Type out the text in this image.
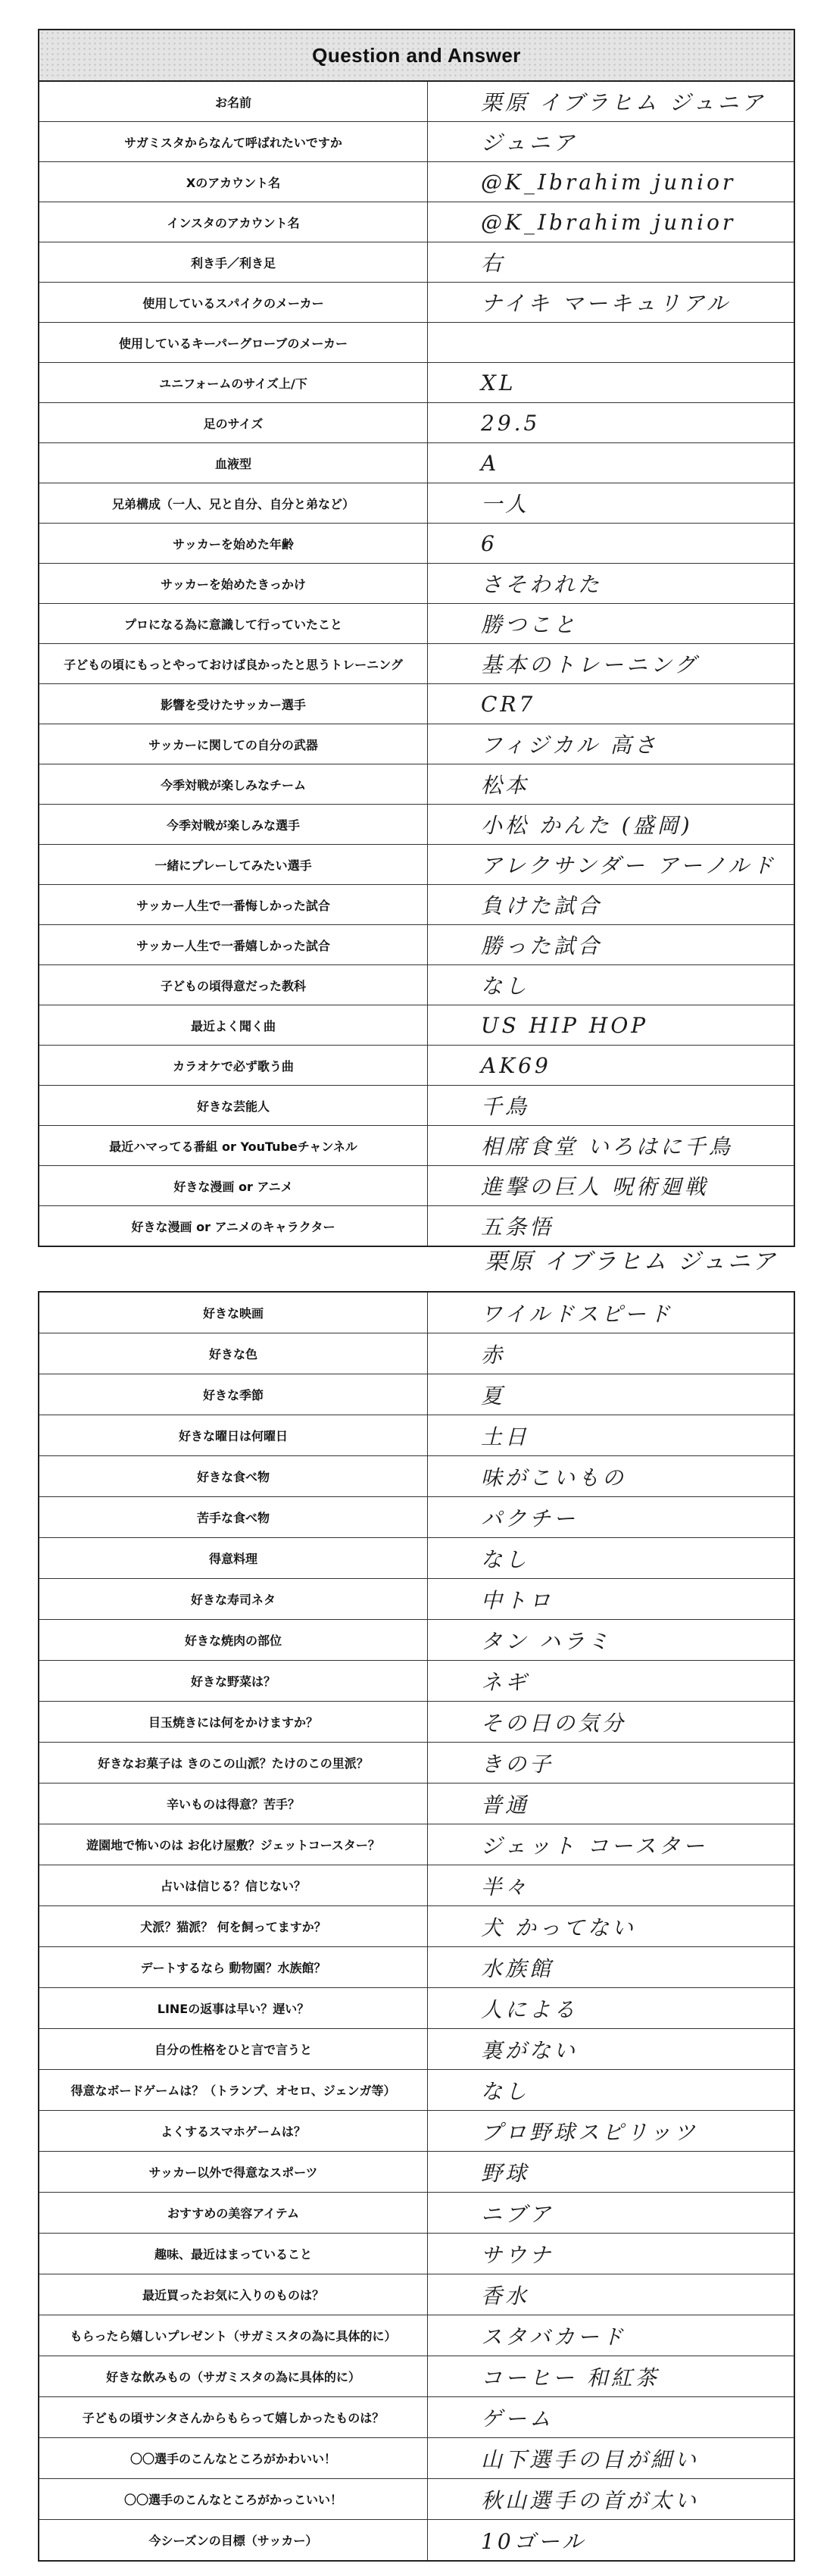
Question and Answer
お名前	栗原 イブラヒム ジュニア
サガミスタからなんて呼ばれたいですか	ジュニア
Xのアカウント名	@K_Ibrahim junior
インスタのアカウント名	@K_Ibrahim junior
利き手／利き足	右
使用しているスパイクのメーカー	ナイキ マーキュリアル
使用しているキーパーグローブのメーカー	
ユニフォームのサイズ上/下	XL
足のサイズ	29.5
血液型	A
兄弟構成（一人、兄と自分、自分と弟など）	一人
サッカーを始めた年齢	6
サッカーを始めたきっかけ	さそわれた
プロになる為に意識して行っていたこと	勝つこと
子どもの頃にもっとやっておけば良かったと思うトレーニング	基本のトレーニング
影響を受けたサッカー選手	CR7
サッカーに関しての自分の武器	フィジカル 高さ
今季対戦が楽しみなチーム	松本
今季対戦が楽しみな選手	小松 かんた (盛岡)
一緒にプレーしてみたい選手	アレクサンダー アーノルド
サッカー人生で一番悔しかった試合	負けた試合
サッカー人生で一番嬉しかった試合	勝った試合
子どもの頃得意だった教科	なし
最近よく聞く曲	US HIP HOP
カラオケで必ず歌う曲	AK69
好きな芸能人	千鳥
最近ハマってる番組 or YouTubeチャンネル	相席食堂 いろはに千鳥
好きな漫画 or アニメ	進撃の巨人 呪術廻戦
好きな漫画 or アニメのキャラクター	五条悟
栗原 イブラヒム ジュニア
好きな映画	ワイルドスピード
好きな色	赤
好きな季節	夏
好きな曜日は何曜日	土日
好きな食べ物	味がこいもの
苦手な食べ物	パクチー
得意料理	なし
好きな寿司ネタ	中トロ
好きな焼肉の部位	タン ハラミ
好きな野菜は？	ネギ
目玉焼きには何をかけますか？	その日の気分
好きなお菓子は きのこの山派？たけのこの里派？	きの子
辛いものは得意？苦手？	普通
遊園地で怖いのは お化け屋敷？ジェットコースター？	ジェット コースター
占いは信じる？信じない？	半々
犬派？猫派？ 何を飼ってますか？	犬 かってない
デートするなら 動物園？水族館？	水族館
LINEの返事は早い？遅い？	人による
自分の性格をひと言で言うと	裏がない
得意なボードゲームは？（トランプ、オセロ、ジェンガ等）	なし
よくするスマホゲームは？	プロ野球スピリッツ
サッカー以外で得意なスポーツ	野球
おすすめの美容アイテム	ニブア
趣味、最近はまっていること	サウナ
最近買ったお気に入りのものは？	香水
もらったら嬉しいプレゼント（サガミスタの為に具体的に）	スタバカード
好きな飲みもの（サガミスタの為に具体的に）	コーヒー 和紅茶
子どもの頃サンタさんからもらって嬉しかったものは？	ゲーム
〇〇選手のこんなところがかわいい！	山下選手の目が細い
〇〇選手のこんなところがかっこいい！	秋山選手の首が太い
今シーズンの目標（サッカー）	10ゴール
